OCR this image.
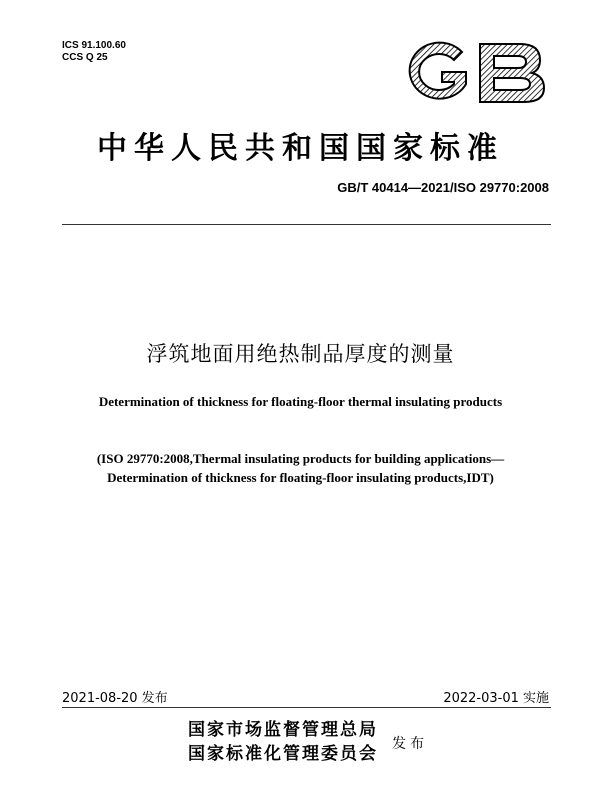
ICS 91.100.60
CCS Q 25
中华人民共和国国家标准
GB/T 40414—2021/ISO 29770:2008
浮筑地面用绝热制品厚度的测量
Determination of thickness for floating-floor thermal insulating products
(ISO 29770:2008,Thermal insulating products for building applications—
Determination of thickness for floating-floor insulating products,IDT)
2021-08-20 发布	2022-03-01 实施
国家市场监督管理总局
国家标准化管理委员会 发布
